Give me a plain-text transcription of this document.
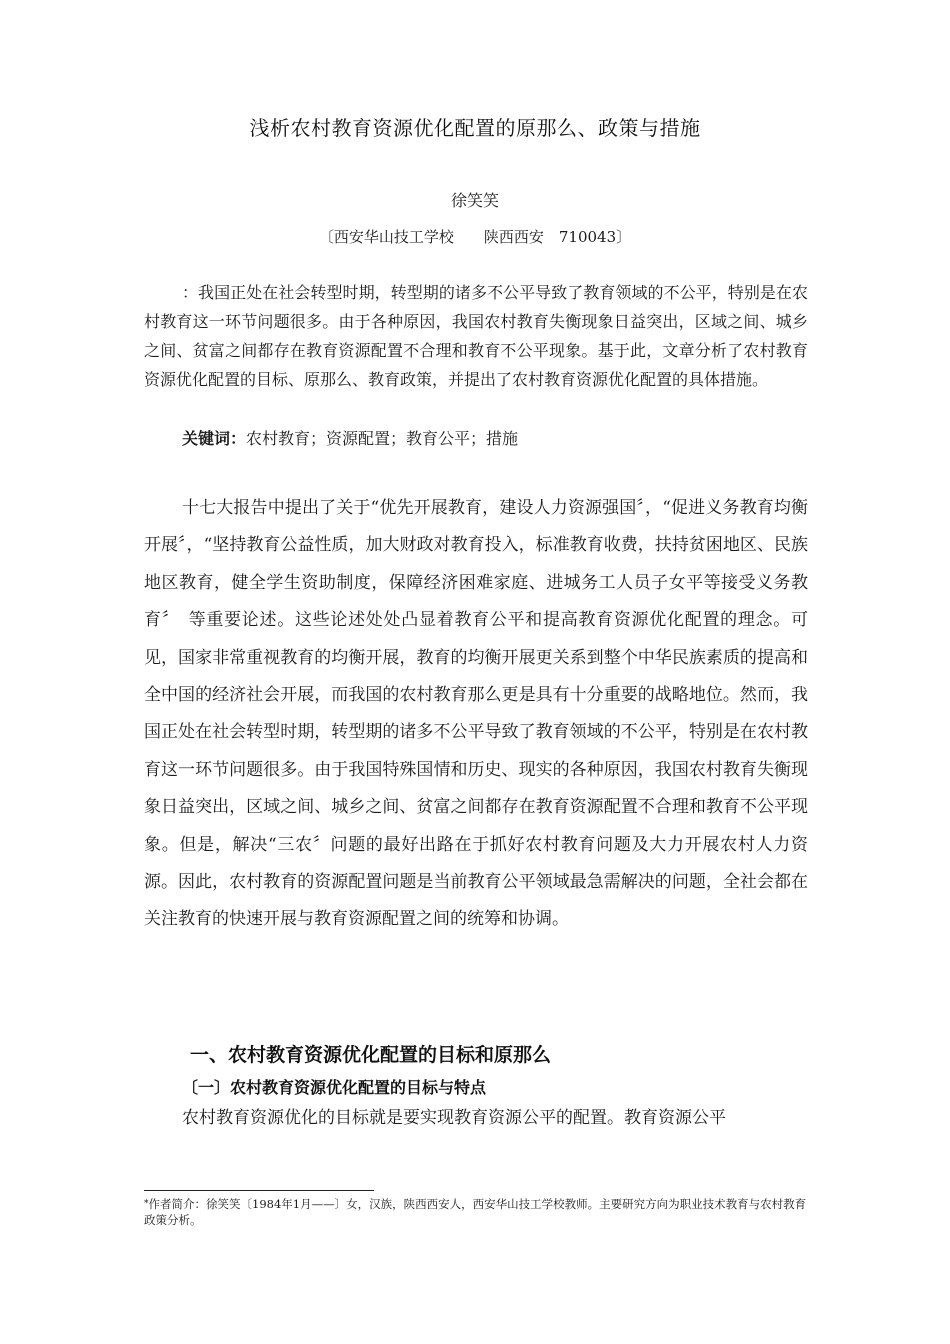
浅析农村教育资源优化配置的原那么、政策与措施
徐笑笑
〔西安华山技工学校　　陕西西安　710043〕
：我国正处在社会转型时期，转型期的诸多不公平导致了教育领域的不公平，特别是在农村教育这一环节问题很多。由于各种原因，我国农村教育失衡现象日益突出，区域之间、城乡之间、贫富之间都存在教育资源配置不合理和教育不公平现象。基于此，文章分析了农村教育资源优化配置的目标、原那么、教育政策，并提出了农村教育资源优化配置的具体措施。
关键词：农村教育；资源配置；教育公平；措施
十七大报告中提出了关于“优先开展教育，建设人力资源强国〞，“促进义务教育均衡开展〞，“坚持教育公益性质，加大财政对教育投入，标准教育收费，扶持贫困地区、民族地区教育，健全学生资助制度，保障经济困难家庭、进城务工人员子女平等接受义务教育〞　等重要论述。这些论述处处凸显着教育公平和提高教育资源优化配置的理念。可见，国家非常重视教育的均衡开展，教育的均衡开展更关系到整个中华民族素质的提高和全中国的经济社会开展，而我国的农村教育那么更是具有十分重要的战略地位。然而，我国正处在社会转型时期，转型期的诸多不公平导致了教育领域的不公平，特别是在农村教育这一环节问题很多。由于我国特殊国情和历史、现实的各种原因，我国农村教育失衡现象日益突出，区域之间、城乡之间、贫富之间都存在教育资源配置不合理和教育不公平现象。但是，解决“三农〞问题的最好出路在于抓好农村教育问题及大力开展农村人力资源。因此，农村教育的资源配置问题是当前教育公平领域最急需解决的问题，全社会都在关注教育的快速开展与教育资源配置之间的统筹和协调。
一、农村教育资源优化配置的目标和原那么
〔一〕农村教育资源优化配置的目标与特点
农村教育资源优化的目标就是要实现教育资源公平的配置。教育资源公平
*作者简介：徐笑笑〔1984年1月——〕女，汉族，陕西西安人，西安华山技工学校教师。主要研究方向为职业技术教育与农村教育政策分析。
